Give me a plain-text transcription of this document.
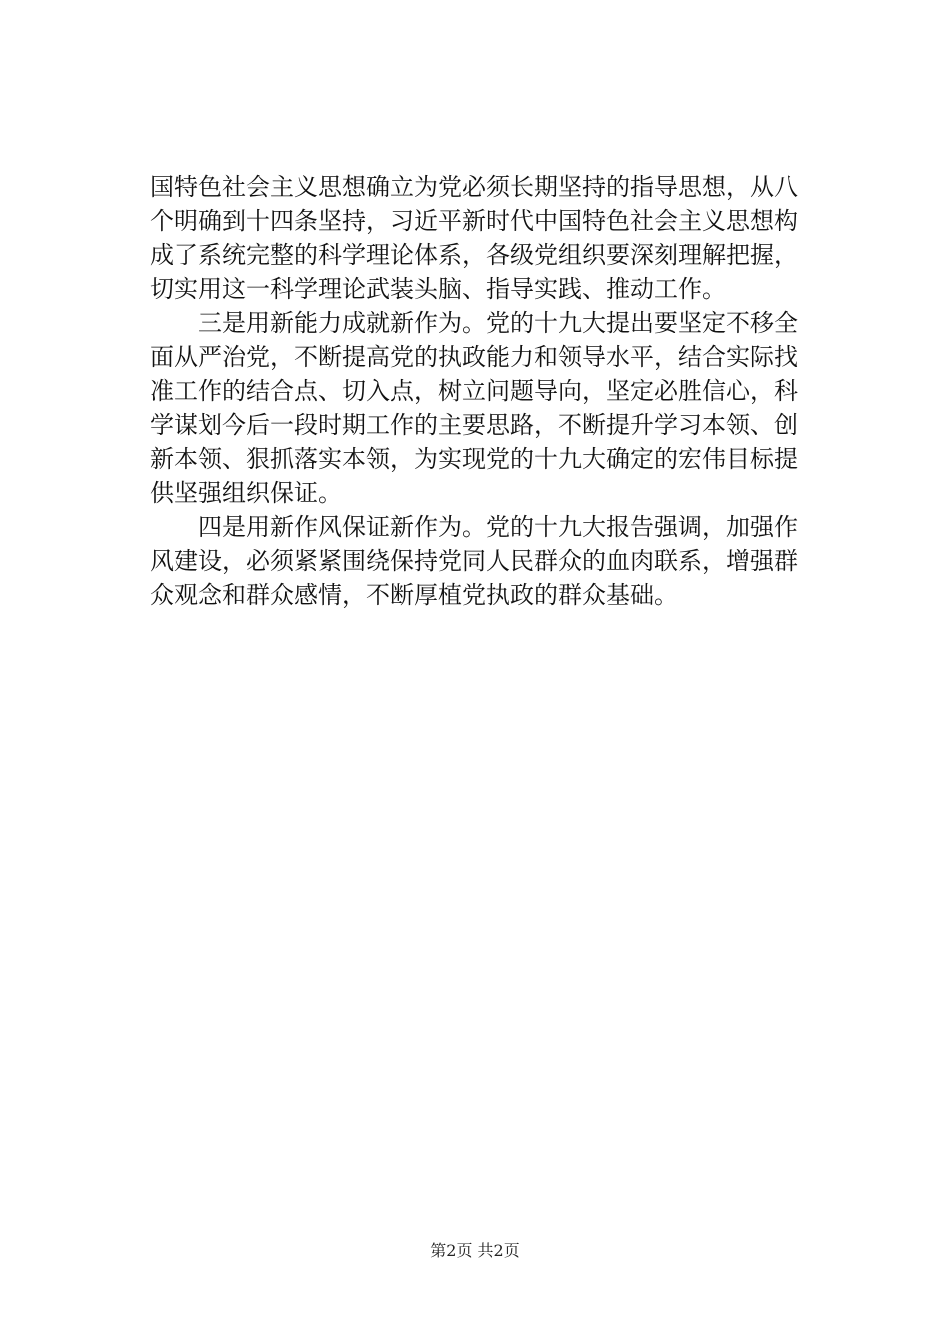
国特色社会主义思想确立为党必须长期坚持的指导思想，从八
个明确到十四条坚持，习近平新时代中国特色社会主义思想构
成了系统完整的科学理论体系，各级党组织要深刻理解把握，
切实用这一科学理论武装头脑、指导实践、推动工作。
三是用新能力成就新作为。党的十九大提出要坚定不移全
面从严治党，不断提高党的执政能力和领导水平，结合实际找
准工作的结合点、切入点，树立问题导向，坚定必胜信心，科
学谋划今后一段时期工作的主要思路，不断提升学习本领、创
新本领、狠抓落实本领，为实现党的十九大确定的宏伟目标提
供坚强组织保证。
四是用新作风保证新作为。党的十九大报告强调，加强作
风建设，必须紧紧围绕保持党同人民群众的血肉联系，增强群
众观念和群众感情，不断厚植党执政的群众基础。
第2页 共2页
